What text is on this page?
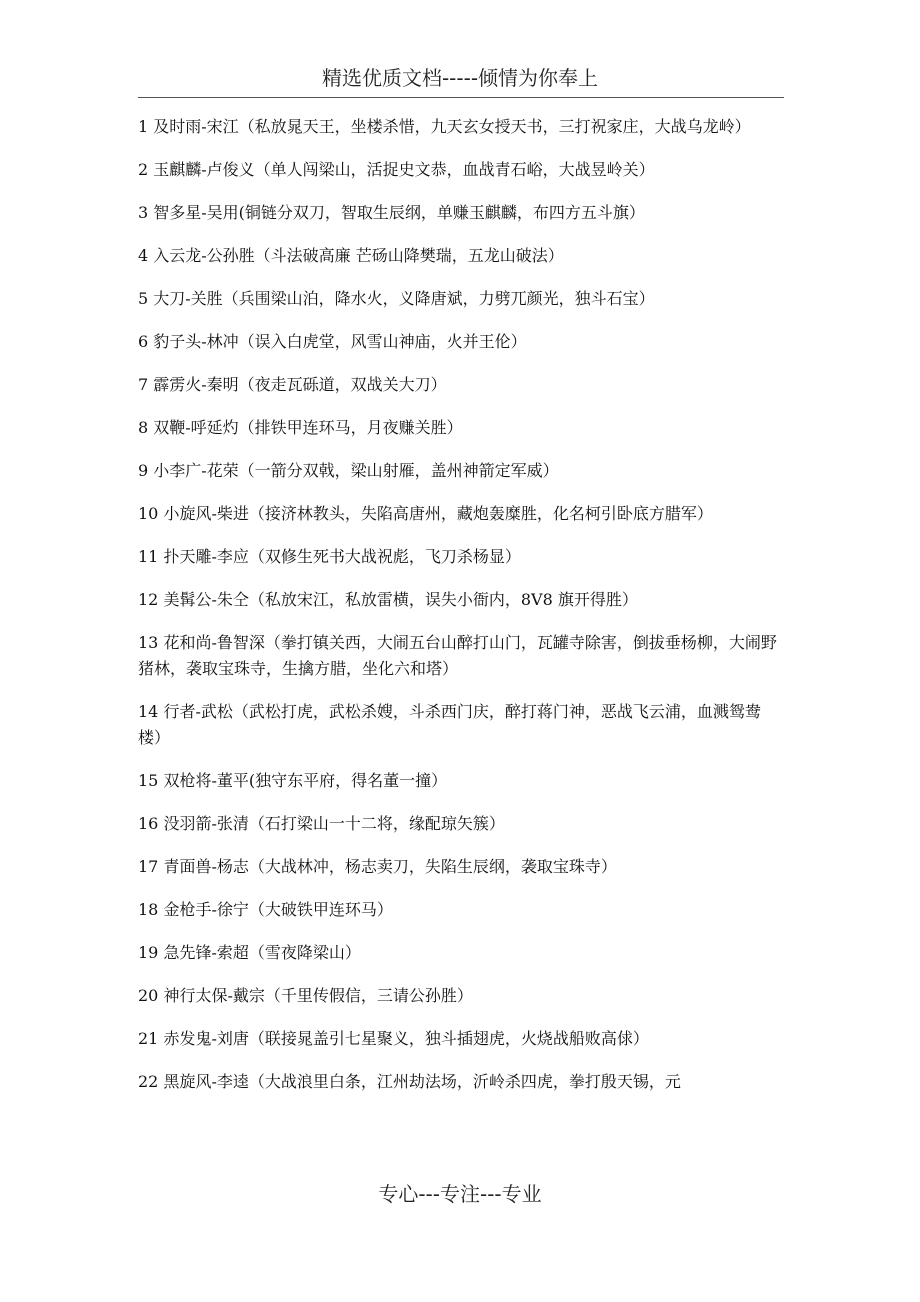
精选优质文档-----倾情为你奉上
1 及时雨-宋江（私放晁天王，坐楼杀惜，九天玄女授天书，三打祝家庄，大战乌龙岭）
2 玉麒麟-卢俊义（单人闯梁山，活捉史文恭，血战青石峪，大战昱岭关）
3 智多星-吴用(铜链分双刀，智取生辰纲，单赚玉麒麟，布四方五斗旗）
4 入云龙-公孙胜（斗法破高廉 芒砀山降樊瑞，五龙山破法）
5 大刀-关胜（兵围梁山泊，降水火，义降唐斌，力劈兀颜光，独斗石宝）
6 豹子头-林冲（误入白虎堂，风雪山神庙，火并王伦）
7 霹雳火-秦明（夜走瓦砾道，双战关大刀）
8 双鞭-呼延灼（排铁甲连环马，月夜赚关胜）
9 小李广-花荣（一箭分双戟，梁山射雁，盖州神箭定军威）
10 小旋风-柴进（接济林教头，失陷高唐州，藏炮轰糜胜，化名柯引卧底方腊军）
11 扑天雕-李应（双修生死书大战祝彪，飞刀杀杨显）
12 美髯公-朱仝（私放宋江，私放雷横，误失小衙内，8V8 旗开得胜）
13 花和尚-鲁智深（拳打镇关西，大闹五台山醉打山门，瓦罐寺除害，倒拔垂杨柳，大闹野猪林，袭取宝珠寺，生擒方腊，坐化六和塔）
14 行者-武松（武松打虎，武松杀嫂，斗杀西门庆，醉打蒋门神，恶战飞云浦，血溅鸳鸯楼）
15 双枪将-董平(独守东平府，得名董一撞）
16 没羽箭-张清（石打梁山一十二将，缘配琼矢簇）
17 青面兽-杨志（大战林冲，杨志卖刀，失陷生辰纲，袭取宝珠寺）
18 金枪手-徐宁（大破铁甲连环马）
19 急先锋-索超（雪夜降梁山）
20 神行太保-戴宗（千里传假信，三请公孙胜）
21 赤发鬼-刘唐（联接晁盖引七星聚义，独斗插翅虎，火烧战船败高俅）
22 黑旋风-李逵（大战浪里白条，江州劫法场，沂岭杀四虎，拳打殷天锡，元
专心---专注---专业
